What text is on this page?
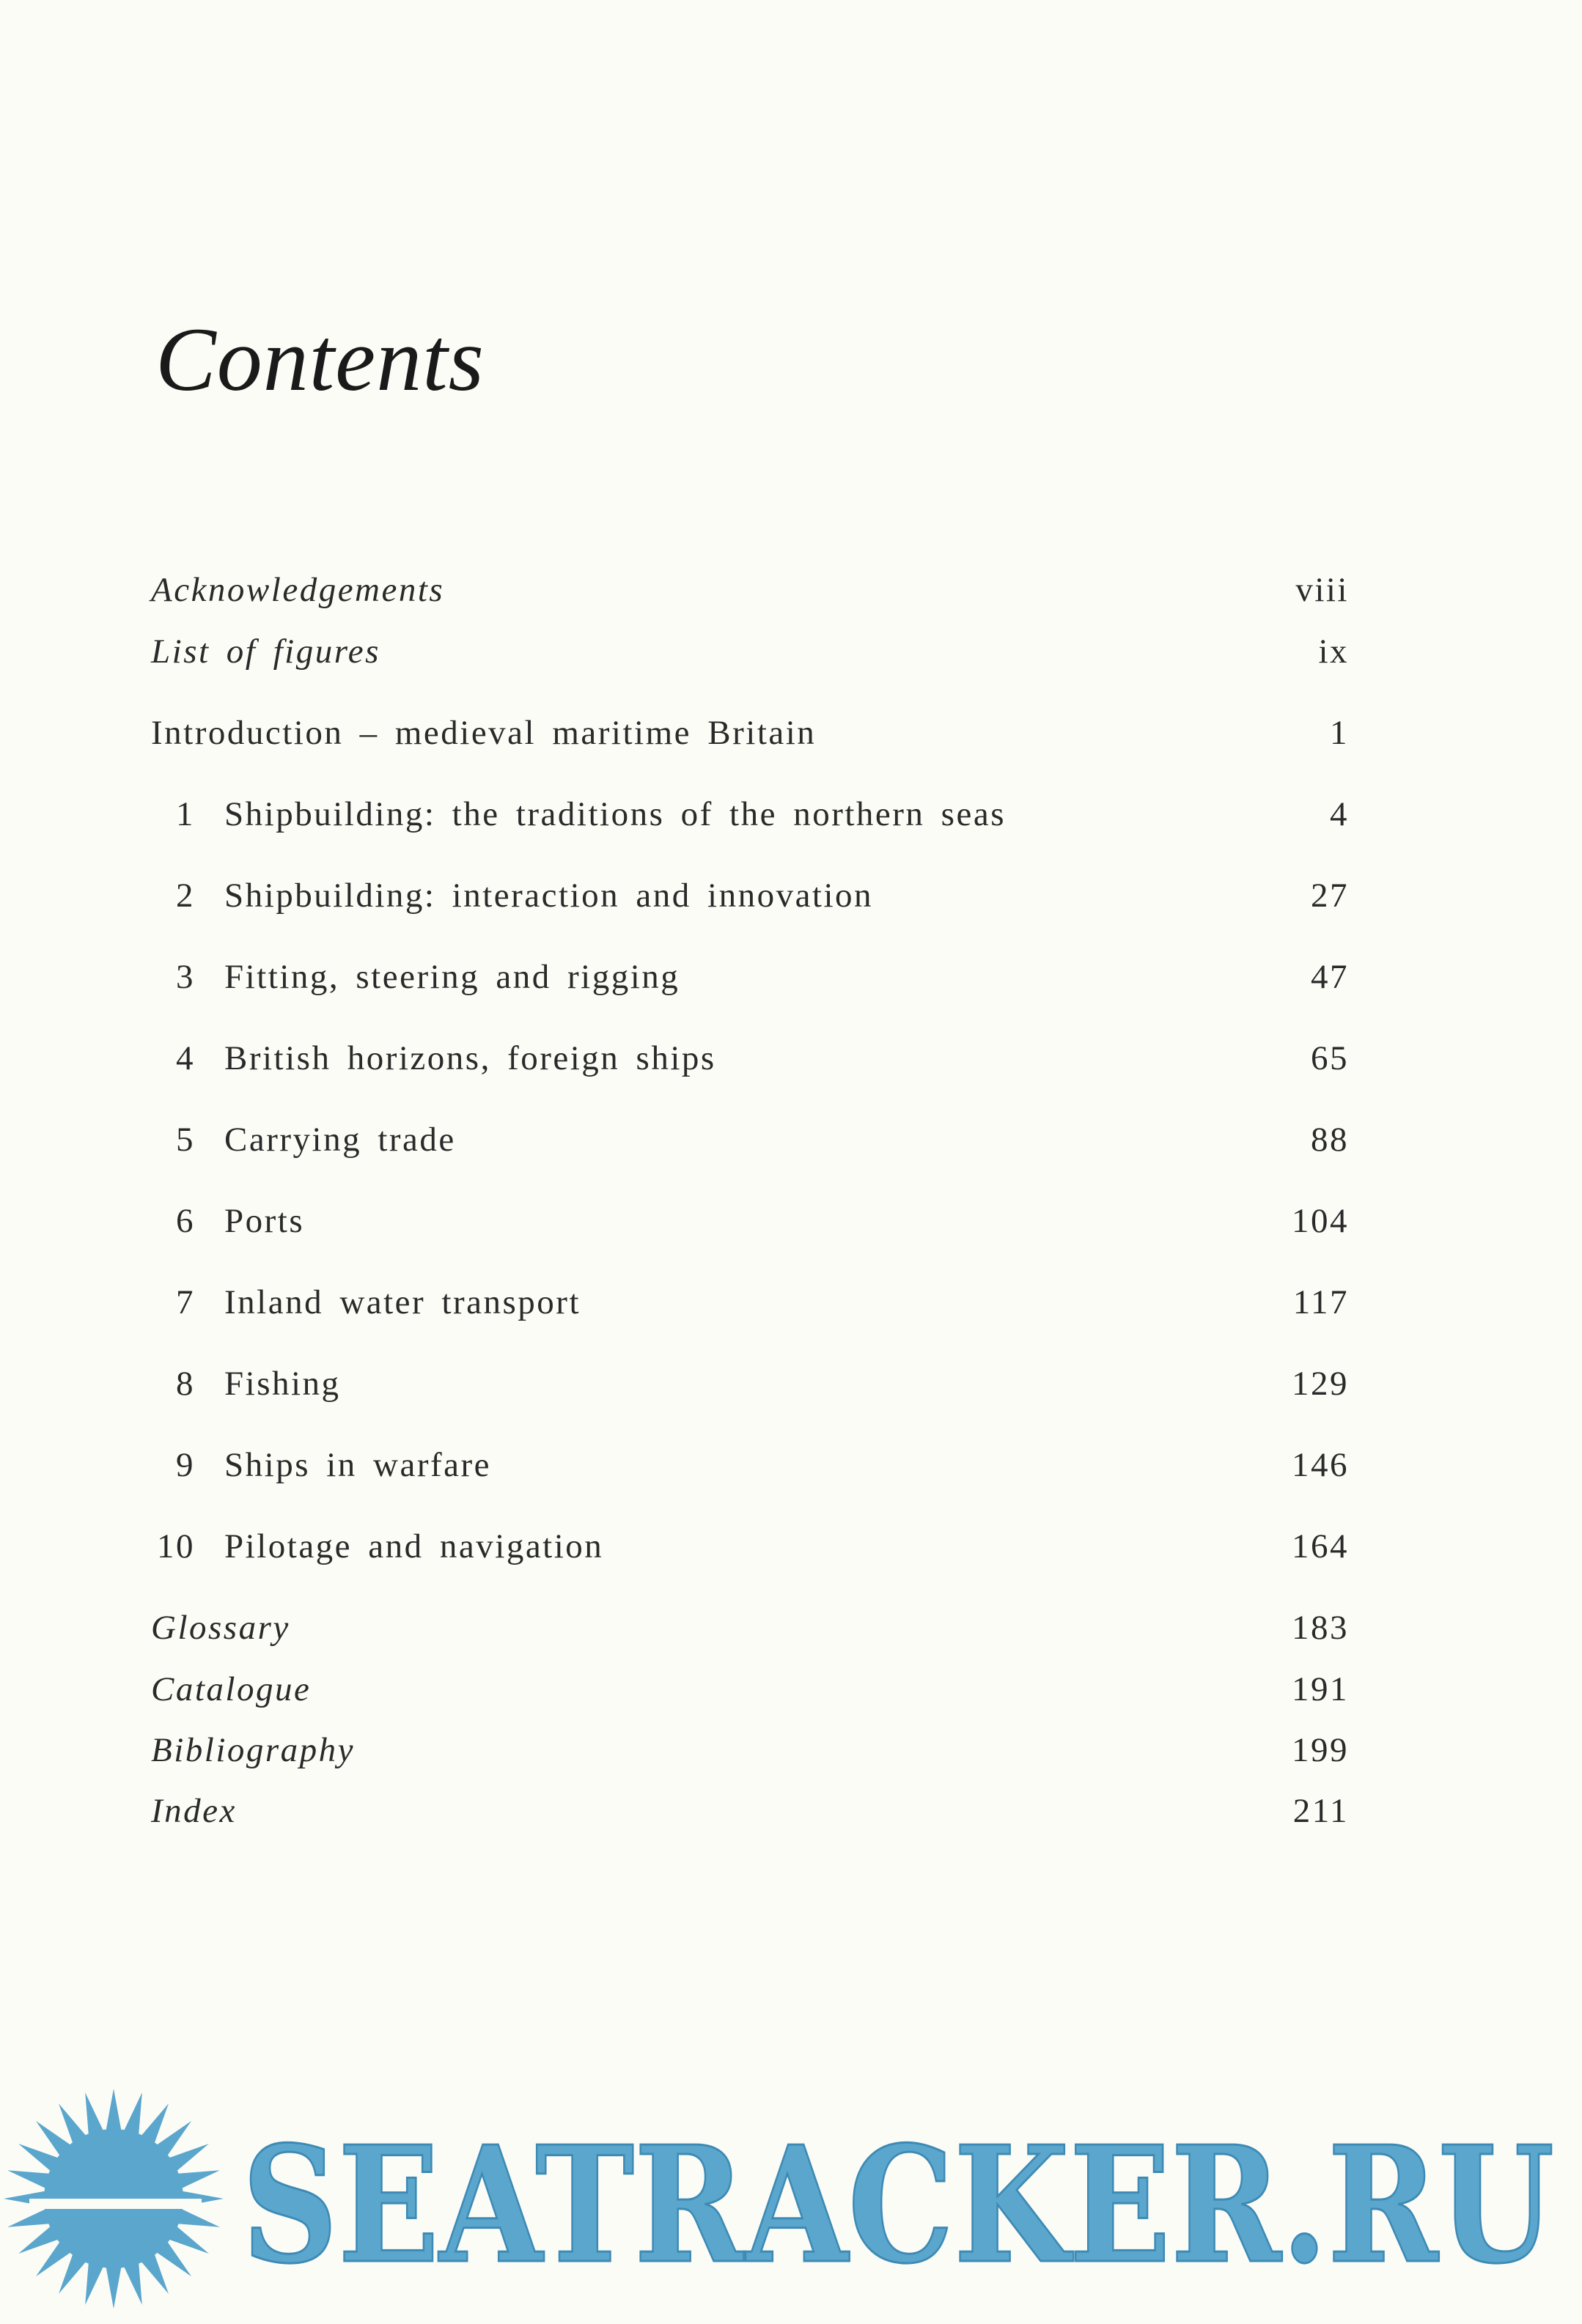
Contents
Acknowledgements	viii
List of figures	ix
Introduction – medieval maritime Britain	1
1 Shipbuilding: the traditions of the northern seas	4
2 Shipbuilding: interaction and innovation	27
3 Fitting, steering and rigging	47
4 British horizons, foreign ships	65
5 Carrying trade	88
6 Ports	104
7 Inland water transport	117
8 Fishing	129
9 Ships in warfare	146
10 Pilotage and navigation	164
Glossary	183
Catalogue	191
Bibliography	199
Index	211
SEATRACKER.RU
